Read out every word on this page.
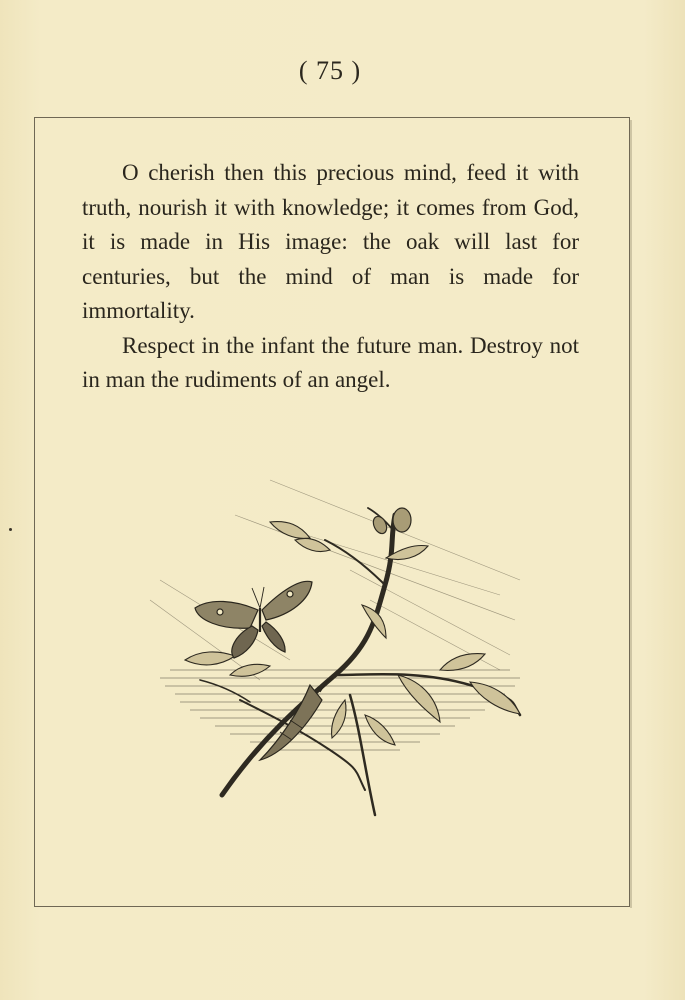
( 75 )

O cherish then this precious mind, feed it with truth, nourish it with knowledge; it comes from God, it is made in His image: the oak will last for centuries, but the mind of man is made for immortality.

Respect in the infant the future man. Destroy not in man the rudiments of an angel.
